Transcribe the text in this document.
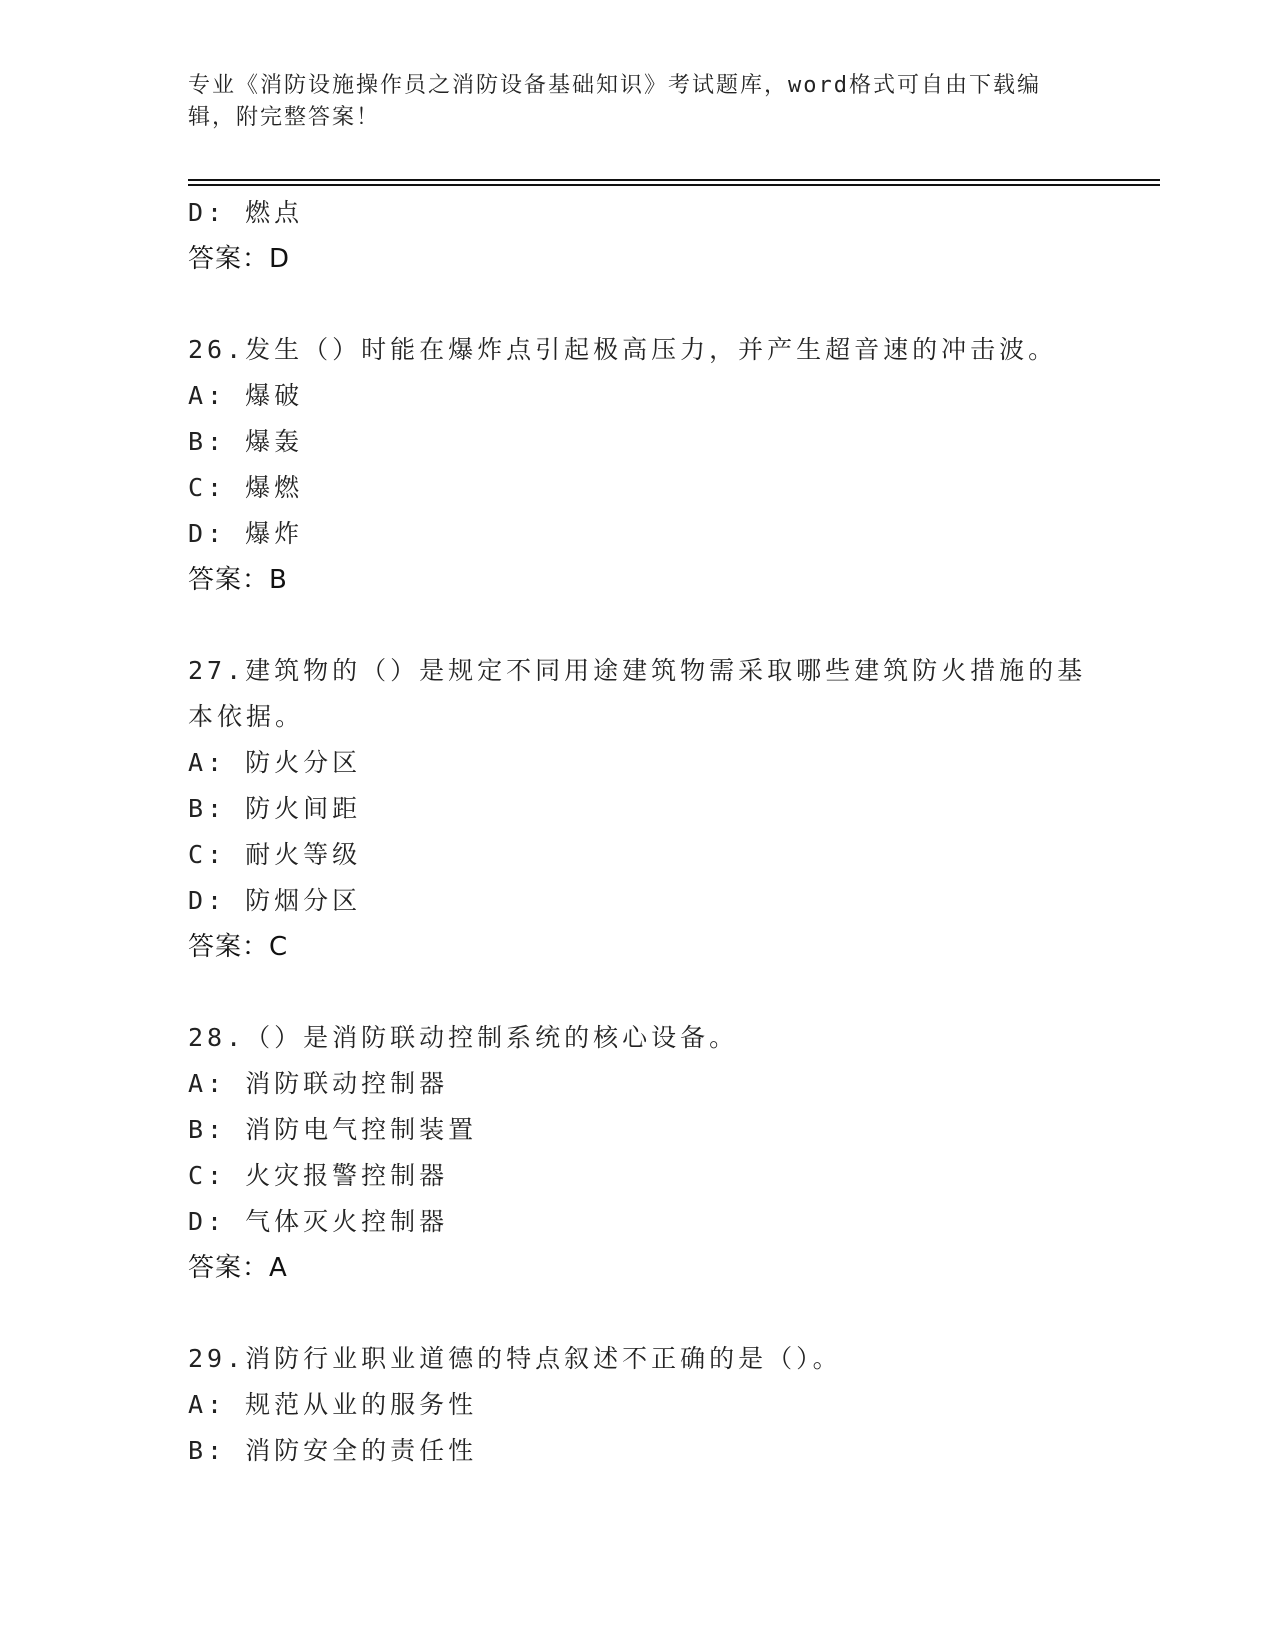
专业《消防设施操作员之消防设备基础知识》考试题库，word格式可自由下载编辑，附完整答案！
D: 燃点
答案：D
26.发生（）时能在爆炸点引起极高压力，并产生超音速的冲击波。
A: 爆破
B: 爆轰
C: 爆燃
D: 爆炸
答案：B
27.建筑物的（）是规定不同用途建筑物需采取哪些建筑防火措施的基本依据。
A: 防火分区
B: 防火间距
C: 耐火等级
D: 防烟分区
答案：C
28.（）是消防联动控制系统的核心设备。
A: 消防联动控制器
B: 消防电气控制装置
C: 火灾报警控制器
D: 气体灭火控制器
答案：A
29.消防行业职业道德的特点叙述不正确的是（）。
A: 规范从业的服务性
B: 消防安全的责任性
